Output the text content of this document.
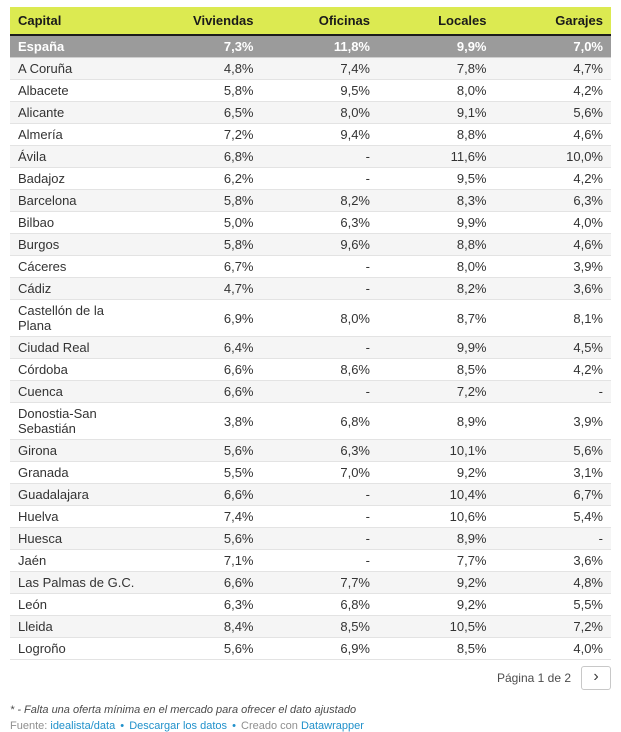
Capital	Viviendas	Oficinas	Locales	Garajes
España	7,3%	11,8%	9,9%	7,0%
A Coruña	4,8%	7,4%	7,8%	4,7%
Albacete	5,8%	9,5%	8,0%	4,2%
Alicante	6,5%	8,0%	9,1%	5,6%
Almería	7,2%	9,4%	8,8%	4,6%
Ávila	6,8%	-	11,6%	10,0%
Badajoz	6,2%	-	9,5%	4,2%
Barcelona	5,8%	8,2%	8,3%	6,3%
Bilbao	5,0%	6,3%	9,9%	4,0%
Burgos	5,8%	9,6%	8,8%	4,6%
Cáceres	6,7%	-	8,0%	3,9%
Cádiz	4,7%	-	8,2%	3,6%
Castellón de la Plana	6,9%	8,0%	8,7%	8,1%
Ciudad Real	6,4%	-	9,9%	4,5%
Córdoba	6,6%	8,6%	8,5%	4,2%
Cuenca	6,6%	-	7,2%	-
Donostia-San Sebastián	3,8%	6,8%	8,9%	3,9%
Girona	5,6%	6,3%	10,1%	5,6%
Granada	5,5%	7,0%	9,2%	3,1%
Guadalajara	6,6%	-	10,4%	6,7%
Huelva	7,4%	-	10,6%	5,4%
Huesca	5,6%	-	8,9%	-
Jaén	7,1%	-	7,7%	3,6%
Las Palmas de G.C.	6,6%	7,7%	9,2%	4,8%
León	6,3%	6,8%	9,2%	5,5%
Lleida	8,4%	8,5%	10,5%	7,2%
Logroño	5,6%	6,9%	8,5%	4,0%
Página 1 de 2 ›

* - Falta una oferta mínima en el mercado para ofrecer el dato ajustado

Fuente: idealista/data • Descargar los datos • Creado con Datawrapper
